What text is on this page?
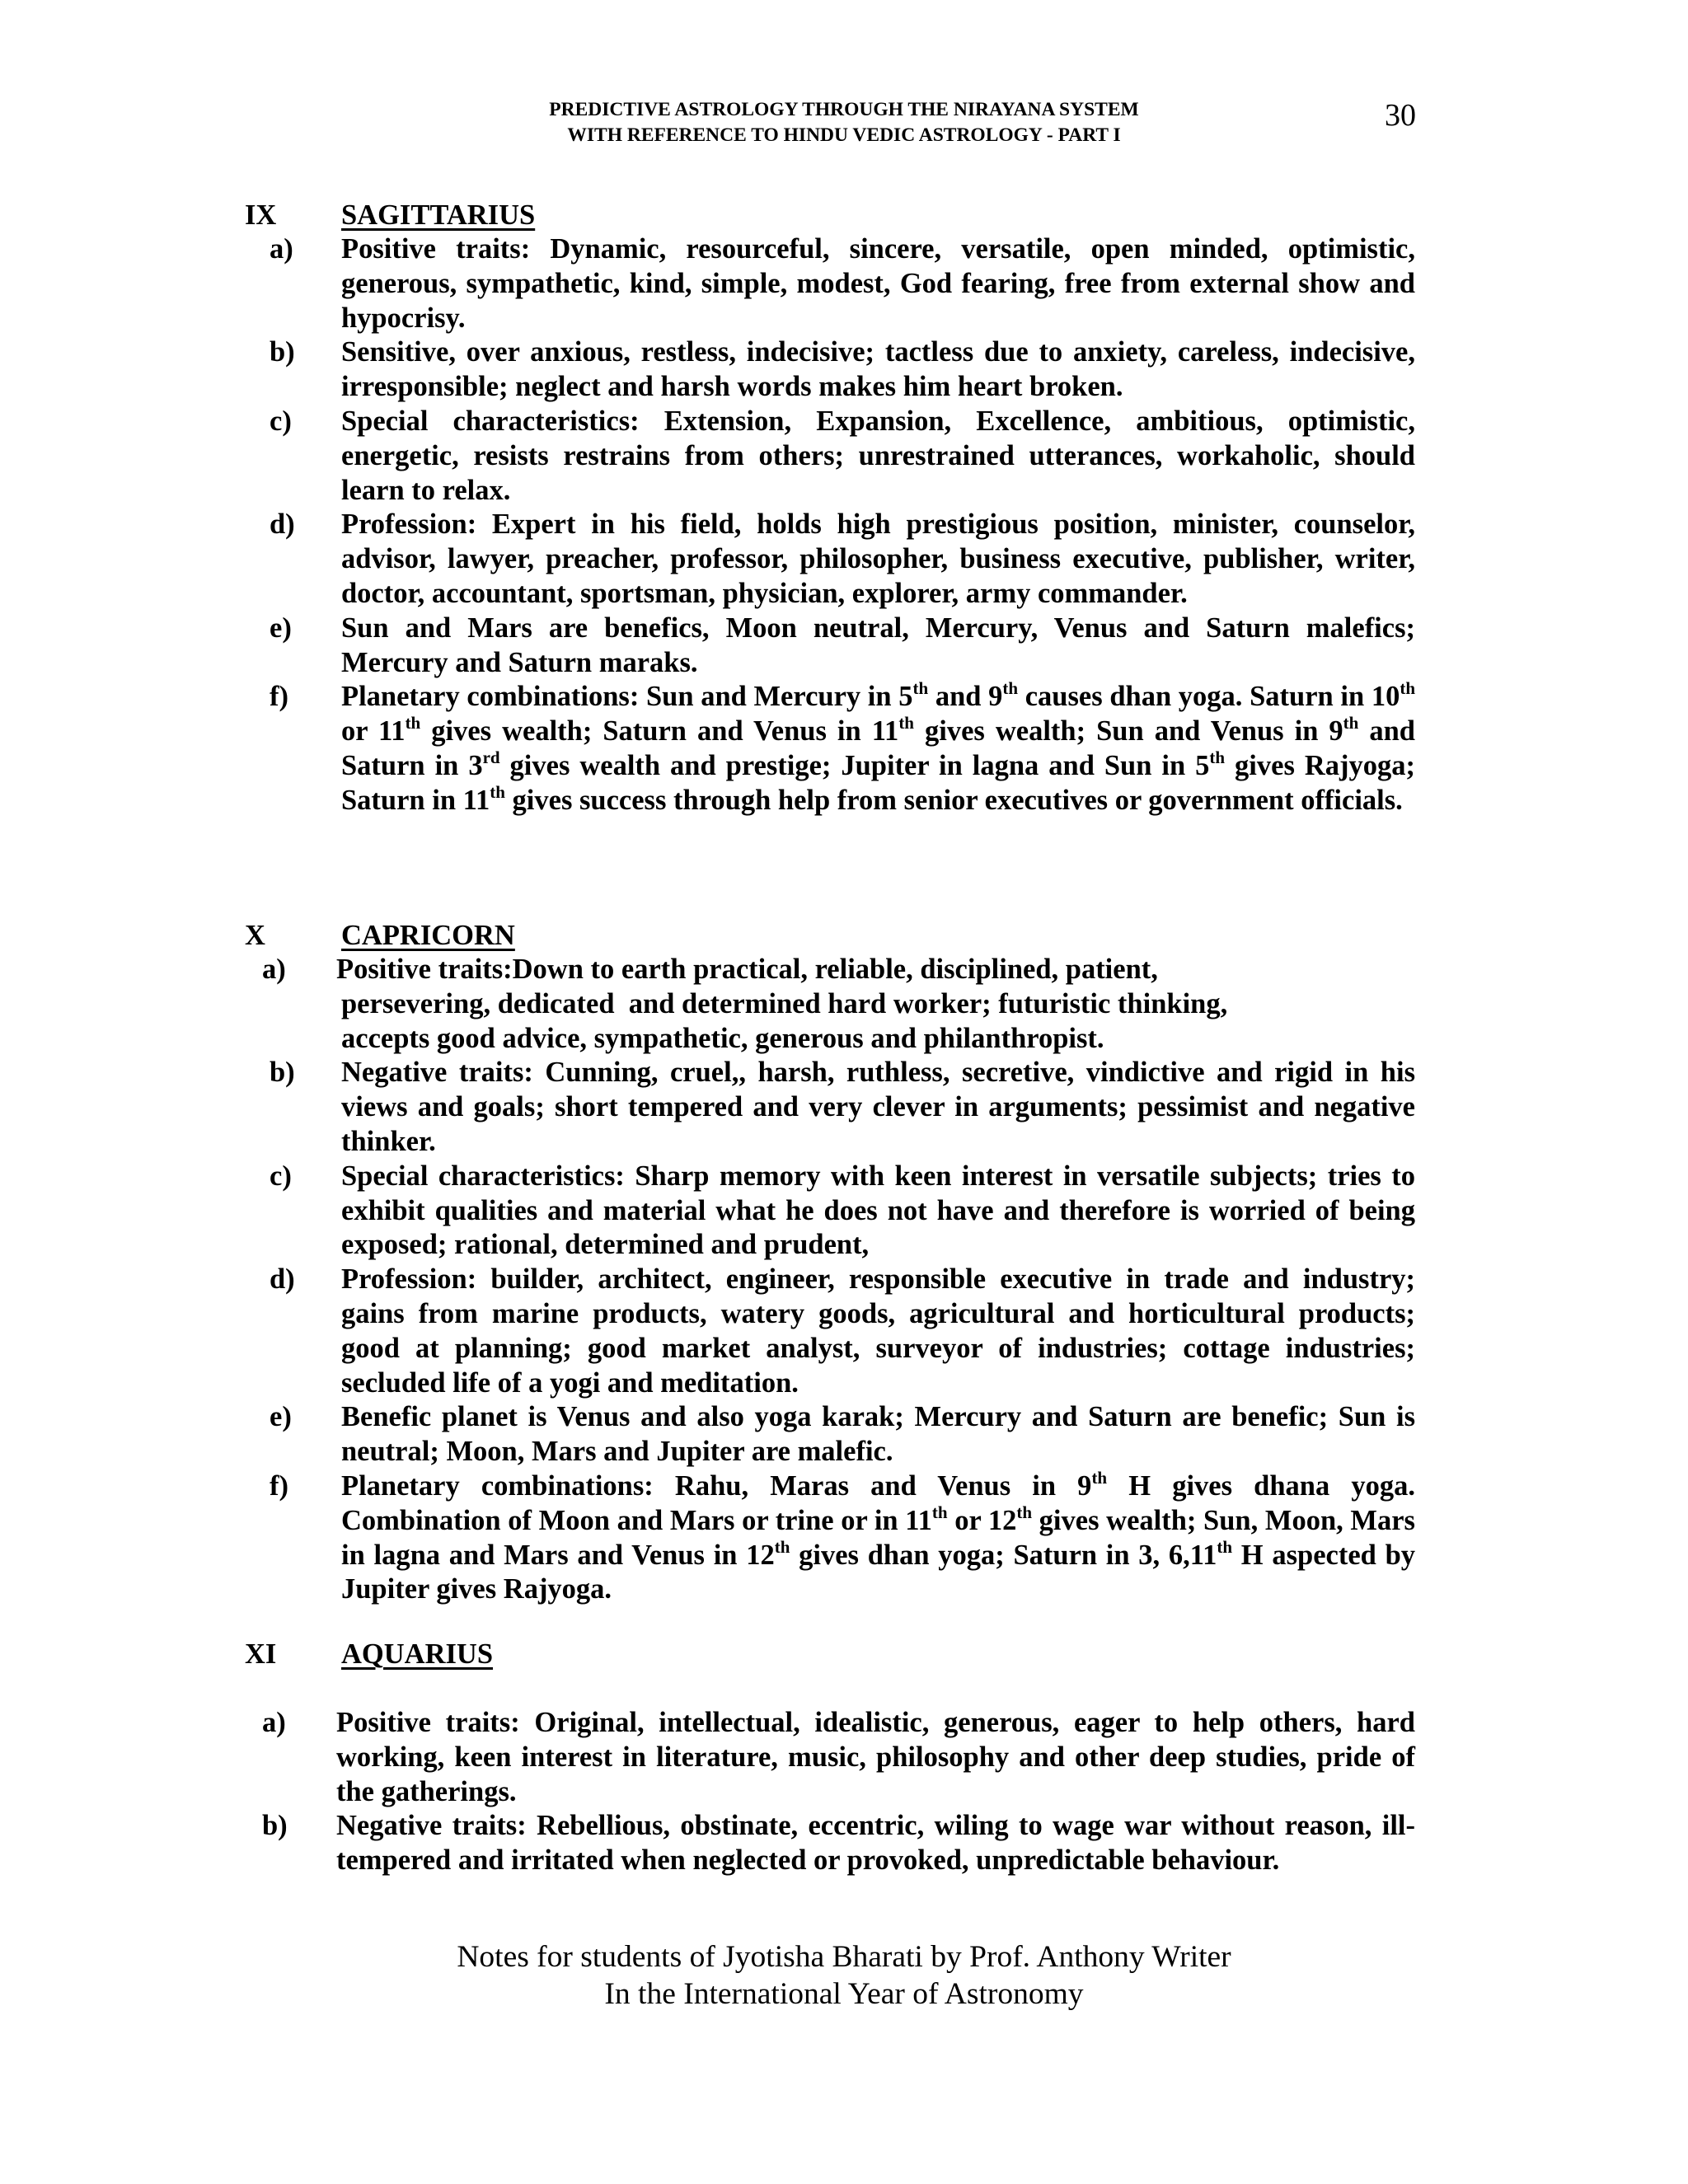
PREDICTIVE ASTROLOGY THROUGH THE NIRAYANA SYSTEM
WITH REFERENCE TO HINDU VEDIC ASTROLOGY - PART I
30
IX SAGITTARIUS
a) Positive traits: Dynamic, resourceful, sincere, versatile, open minded, optimistic, generous, sympathetic, kind, simple, modest, God fearing, free from external show and hypocrisy.
b) Sensitive, over anxious, restless, indecisive; tactless due to anxiety, careless, indecisive, irresponsible; neglect and harsh words makes him heart broken.
c) Special characteristics: Extension, Expansion, Excellence, ambitious, optimistic, energetic, resists restrains from others; unrestrained utterances, workaholic, should learn to relax.
d) Profession: Expert in his field, holds high prestigious position, minister, counselor, advisor, lawyer, preacher, professor, philosopher, business executive, publisher, writer, doctor, accountant, sportsman, physician, explorer, army commander.
e) Sun and Mars are benefics, Moon neutral, Mercury, Venus and Saturn malefics; Mercury and Saturn maraks.
f) Planetary combinations: Sun and Mercury in 5th and 9th causes dhan yoga. Saturn in 10th or 11th gives wealth; Saturn and Venus in 11th gives wealth; Sun and Venus in 9th and Saturn in 3rd gives wealth and prestige; Jupiter in lagna and Sun in 5th gives Rajyoga; Saturn in 11th gives success through help from senior executives or government officials.
X	CAPRICORN
a) Positive traits:Down to earth practical, reliable, disciplined, patient,
persevering, dedicated  and determined hard worker; futuristic thinking,
accepts good advice, sympathetic, generous and philanthropist.
b) Negative traits: Cunning, cruel,, harsh, ruthless, secretive, vindictive and rigid in his views and goals; short tempered and very clever in arguments; pessimist and negative thinker.
c) Special characteristics: Sharp memory with keen interest in versatile subjects; tries to exhibit qualities and material what he does not have and therefore is worried of being exposed; rational, determined and prudent,
d) Profession: builder, architect, engineer, responsible executive in trade and industry; gains from marine products, watery goods, agricultural and horticultural products; good at planning; good market analyst, surveyor of industries; cottage industries; secluded life of a yogi and meditation.
e) Benefic planet is Venus and also yoga karak; Mercury and Saturn are benefic; Sun is neutral; Moon, Mars and Jupiter are malefic.
f) Planetary combinations: Rahu, Maras and Venus in 9th H gives dhana yoga. Combination of Moon and Mars or trine or in 11th or 12th gives wealth; Sun, Moon, Mars in lagna and Mars and Venus in 12th gives dhan yoga; Saturn in 3, 6,11th H aspected by Jupiter gives Rajyoga.
XI AQUARIUS
a) Positive traits: Original, intellectual, idealistic, generous, eager to help others, hard working, keen interest in literature, music, philosophy and other deep studies, pride of the gatherings.
b) Negative traits: Rebellious, obstinate, eccentric, wiling to wage war without reason, ill-tempered and irritated when neglected or provoked, unpredictable behaviour.
Notes for students of Jyotisha Bharati by Prof. Anthony Writer
In the International Year of Astronomy
